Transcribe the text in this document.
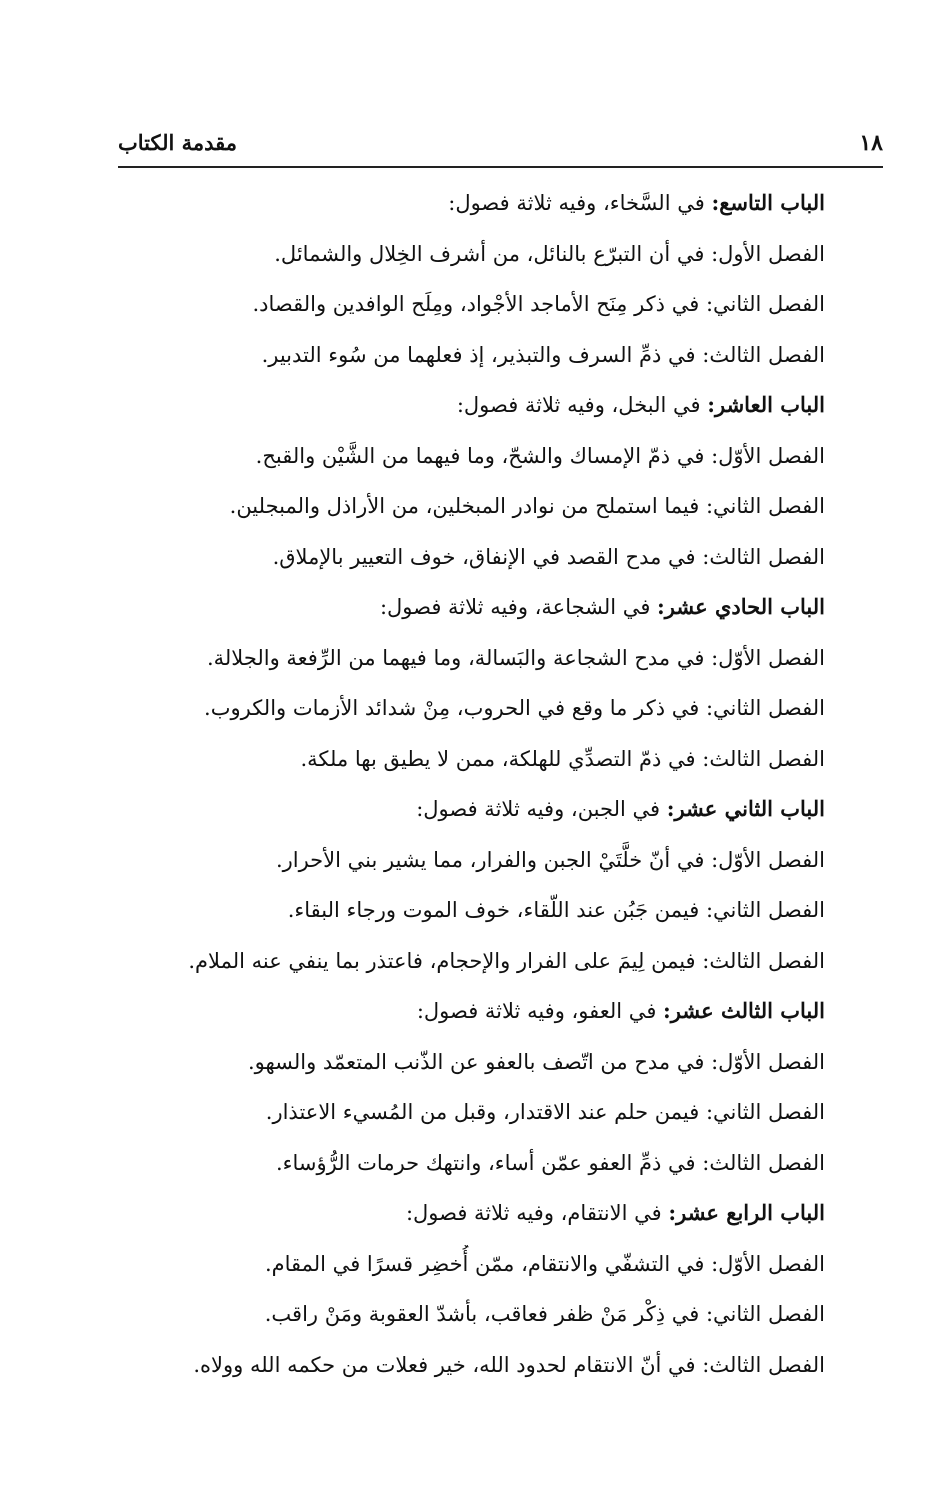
١٨
مقدمة الكتاب
الباب التاسع: في السَّخاء، وفيه ثلاثة فصول:
الفصل الأول: في أن التبرّع بالنائل، من أشرف الخِلال والشمائل.
الفصل الثاني: في ذكر مِنَح الأماجد الأجْواد، ومِلَح الوافدين والقصاد.
الفصل الثالث: في ذمِّ السرف والتبذير، إذ فعلهما من سُوء التدبير.
الباب العاشر: في البخل، وفيه ثلاثة فصول:
الفصل الأوّل: في ذمّ الإمساك والشحّ، وما فيهما من الشَّيْن والقبح.
الفصل الثاني: فيما استملح من نوادر المبخلين، من الأراذل والمبجلين.
الفصل الثالث: في مدح القصد في الإنفاق، خوف التعيير بالإملاق.
الباب الحادي عشر: في الشجاعة، وفيه ثلاثة فصول:
الفصل الأوّل: في مدح الشجاعة والبَسالة، وما فيهما من الرِّفعة والجلالة.
الفصل الثاني: في ذكر ما وقع في الحروب، مِنْ شدائد الأزمات والكروب.
الفصل الثالث: في ذمّ التصدِّي للهلكة، ممن لا يطيق بها ملكة.
الباب الثاني عشر: في الجبن، وفيه ثلاثة فصول:
الفصل الأوّل: في أنّ خلَّتَيْ الجبن والفرار، مما يشير بني الأحرار.
الفصل الثاني: فيمن جَبُن عند اللّقاء، خوف الموت ورجاء البقاء.
الفصل الثالث: فيمن لِيمَ على الفرار والإحجام، فاعتذر بما ينفي عنه الملام.
الباب الثالث عشر: في العفو، وفيه ثلاثة فصول:
الفصل الأوّل: في مدح من اتّصف بالعفو عن الذّنب المتعمّد والسهو.
الفصل الثاني: فيمن حلم عند الاقتدار، وقبل من المُسيء الاعتذار.
الفصل الثالث: في ذمِّ العفو عمّن أساء، وانتهك حرمات الرُّؤساء.
الباب الرابع عشر: في الانتقام، وفيه ثلاثة فصول:
الفصل الأوّل: في التشفّي والانتقام، ممّن أُخضِر قسرًا في المقام.
الفصل الثاني: في ذِكْر مَنْ ظفر فعاقب، بأشدّ العقوبة ومَنْ راقب.
الفصل الثالث: في أنّ الانتقام لحدود الله، خير فعلات من حكمه الله وولاه.
